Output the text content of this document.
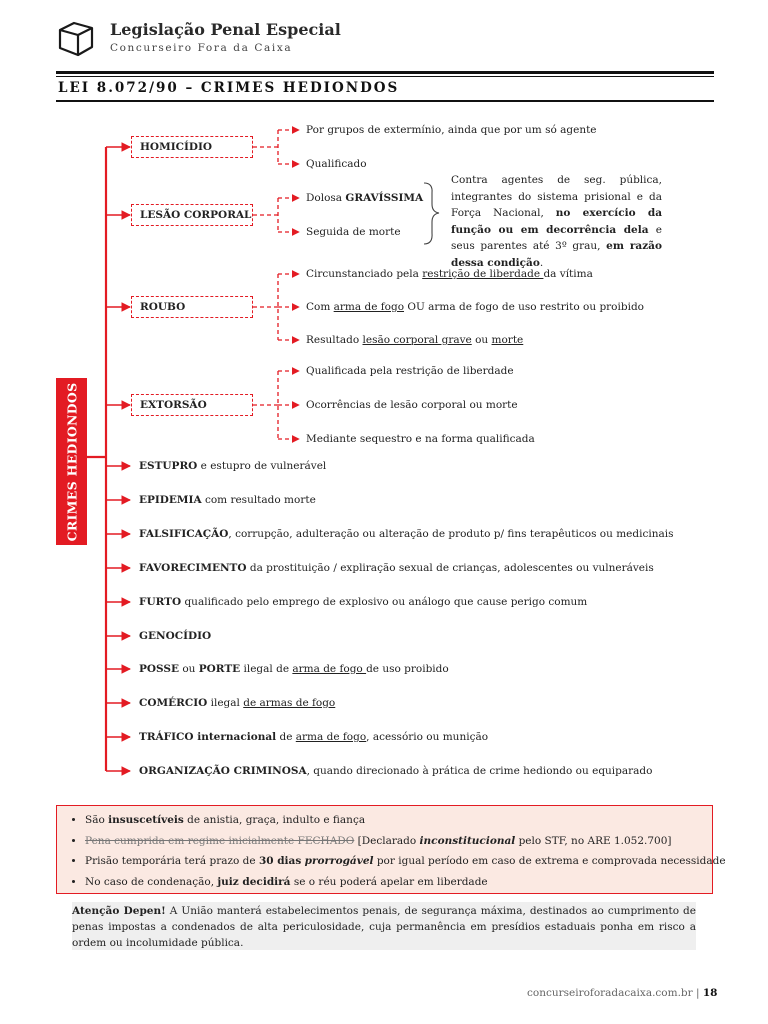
Legislação Penal Especial
Concurseiro Fora da Caixa
LEI 8.072/90 – CRIMES HEDIONDOS
CRIMES HEDIONDOS
HOMICÍDIO
LESÃO CORPORAL
ROUBO
EXTORSÃO
Por grupos de extermínio, ainda que por um só agente
Qualificado
Dolosa GRAVÍSSIMA
Seguida de morte
Contra agentes de seg. pública, integrantes do sistema prisional e da Força Nacional, no exercício da função ou em decorrência dela e seus parentes até 3º grau, em razão dessa condição.
Circunstanciado pela restrição de liberdade da vítima
Com arma de fogo OU arma de fogo de uso restrito ou proibido
Resultado lesão corporal grave ou morte
Qualificada pela restrição de liberdade
Ocorrências de lesão corporal ou morte
Mediante sequestro e na forma qualificada
ESTUPRO e estupro de vulnerável
EPIDEMIA com resultado morte
FALSIFICAÇÃO, corrupção, adulteração ou alteração de produto p/ fins terapêuticos ou medicinais
FAVORECIMENTO da prostituição / expliração sexual de crianças, adolescentes ou vulneráveis
FURTO qualificado pelo emprego de explosivo ou análogo que cause perigo comum
GENOCÍDIO
POSSE ou PORTE ilegal de arma de fogo de uso proibido
COMÉRCIO ilegal de armas de fogo
TRÁFICO internacional de arma de fogo, acessório ou munição
ORGANIZAÇÃO CRIMINOSA, quando direcionado à prática de crime hediondo ou equiparado
• São insuscetíveis de anistia, graça, indulto e fiança
• Pena cumprida em regime inicialmente FECHADO [Declarado inconstitucional pelo STF, no ARE 1.052.700]
• Prisão temporária terá prazo de 30 dias prorrogável por igual período em caso de extrema e comprovada necessidade
• No caso de condenação, juiz decidirá se o réu poderá apelar em liberdade
Atenção Depen! A União manterá estabelecimentos penais, de segurança máxima, destinados ao cumprimento de penas impostas a condenados de alta periculosidade, cuja permanência em presídios estaduais ponha em risco a ordem ou incolumidade pública.
concurseiroforadacaixa.com.br | 18
